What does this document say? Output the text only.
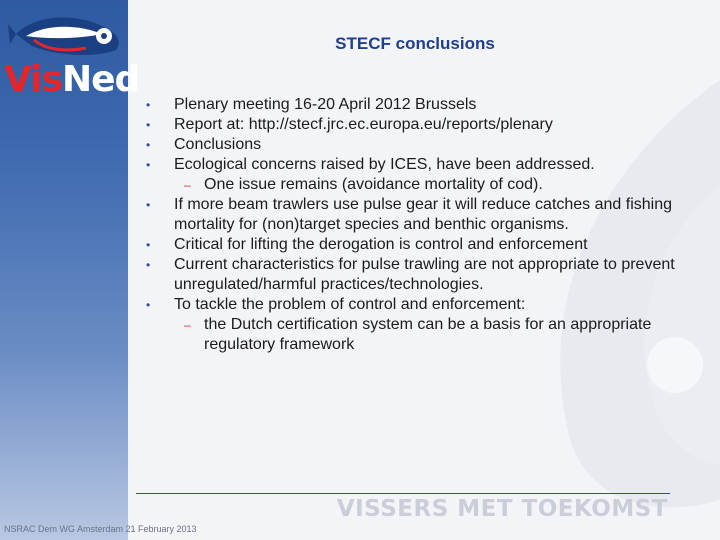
VisNed
STECF conclusions
• Plenary meeting 16-20 April 2012 Brussels
• Report at: http://stecf.jrc.ec.europa.eu/reports/plenary
• Conclusions
• Ecological concerns raised by ICES, have been addressed.
– One issue remains (avoidance mortality of cod).
• If more beam trawlers use pulse gear it will reduce catches and fishing mortality for (non)target species and benthic organisms.
• Critical for lifting the derogation is control and enforcement
• Current characteristics for pulse trawling are not appropriate to prevent unregulated/harmful practices/technologies.
• To tackle the problem of control and enforcement:
– the Dutch certification system can be a basis for an appropriate regulatory framework
VISSERS MET TOEKOMST
NSRAC Dem WG Amsterdam 21 February 2013
